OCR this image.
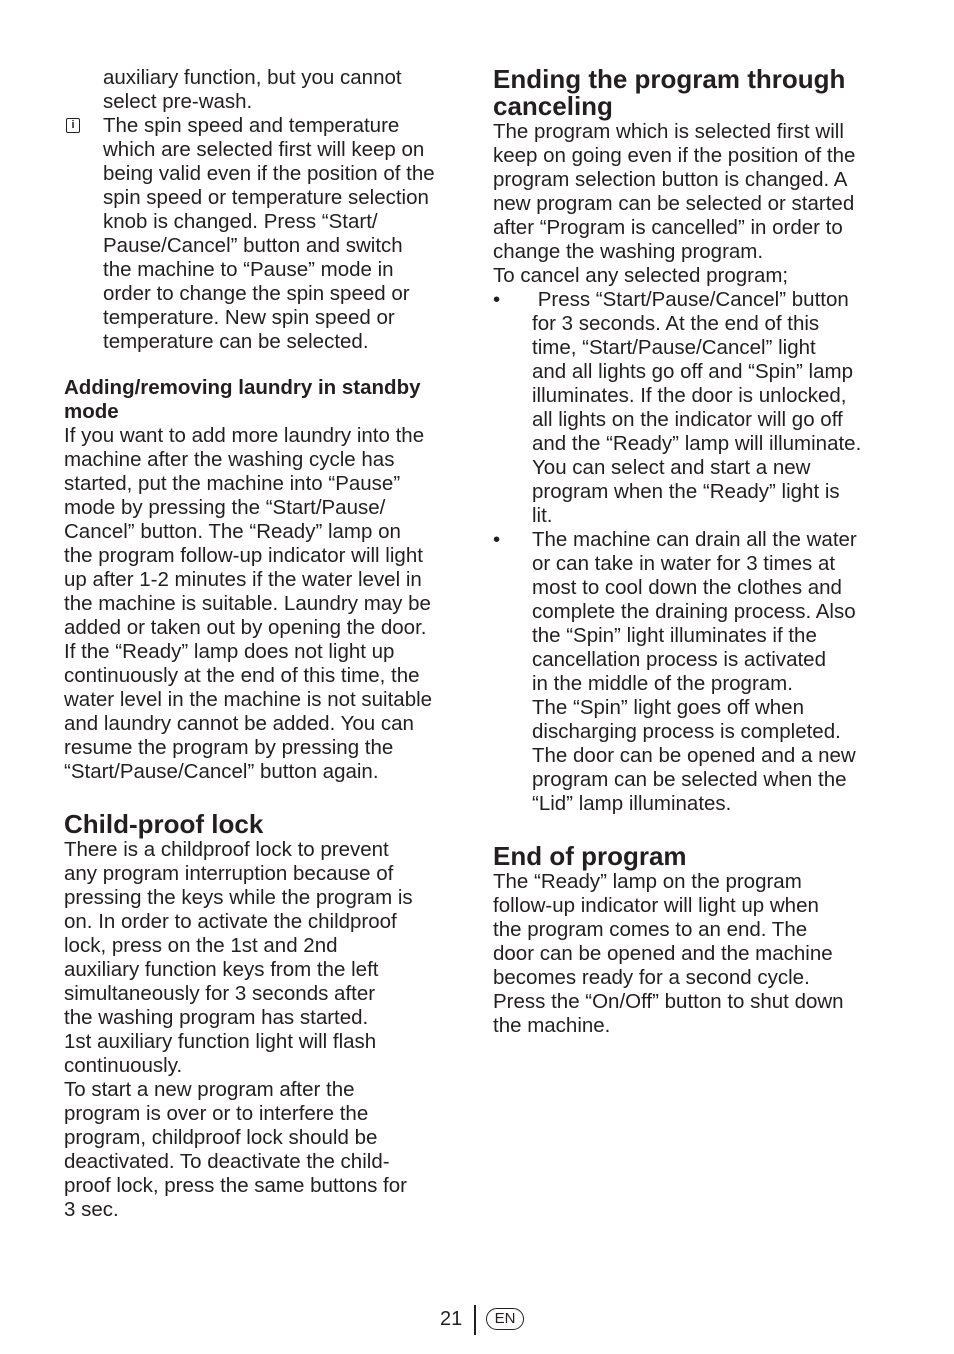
auxiliary function, but you cannot

select pre-wash.

i The spin speed and temperature

which are selected first will keep on

being valid even if the position of the

spin speed or temperature selection

knob is changed. Press “Start/

Pause/Cancel” button and switch

the machine to “Pause” mode in

order to change the spin speed or

temperature. New spin speed or

temperature can be selected.

Adding/removing laundry in standby

mode

If you want to add more laundry into the

machine after the washing cycle has

started, put the machine into “Pause”

mode by pressing the “Start/Pause/

Cancel” button. The “Ready” lamp on

the program follow-up indicator will light

up after 1-2 minutes if the water level in

the machine is suitable. Laundry may be

added or taken out by opening the door.

If the “Ready” lamp does not light up

continuously at the end of this time, the

water level in the machine is not suitable

and laundry cannot be added. You can

resume the program by pressing the

“Start/Pause/Cancel” button again.

Child-proof lock

There is a childproof lock to prevent

any program interruption because of

pressing the keys while the program is

on. In order to activate the childproof

lock, press on the 1st and 2nd

auxiliary function keys from the left

simultaneously for 3 seconds after

the washing program has started.

1st auxiliary function light will flash

continuously.

To start a new program after the

program is over or to interfere the

program, childproof lock should be

deactivated. To deactivate the child-

proof lock, press the same buttons for

3 sec.

Ending the program through

canceling

The program which is selected first will

keep on going even if the position of the

program selection button is changed. A

new program can be selected or started

after “Program is cancelled” in order to

change the washing program.

To cancel any selected program;

• Press “Start/Pause/Cancel” button

for 3 seconds. At the end of this

time, “Start/Pause/Cancel” light

and all lights go off and “Spin” lamp

illuminates. If the door is unlocked,

all lights on the indicator will go off

and the “Ready” lamp will illuminate.

You can select and start a new

program when the “Ready” light is

lit.

• The machine can drain all the water

or can take in water for 3 times at

most to cool down the clothes and

complete the draining process. Also

the “Spin” light illuminates if the

cancellation process is activated

in the middle of the program.

The “Spin” light goes off when

discharging process is completed.

The door can be opened and a new

program can be selected when the

“Lid” lamp illuminates.

End of program

The “Ready” lamp on the program

follow-up indicator will light up when

the program comes to an end. The

door can be opened and the machine

becomes ready for a second cycle.

Press the “On/Off” button to shut down

the machine.

21	EN
